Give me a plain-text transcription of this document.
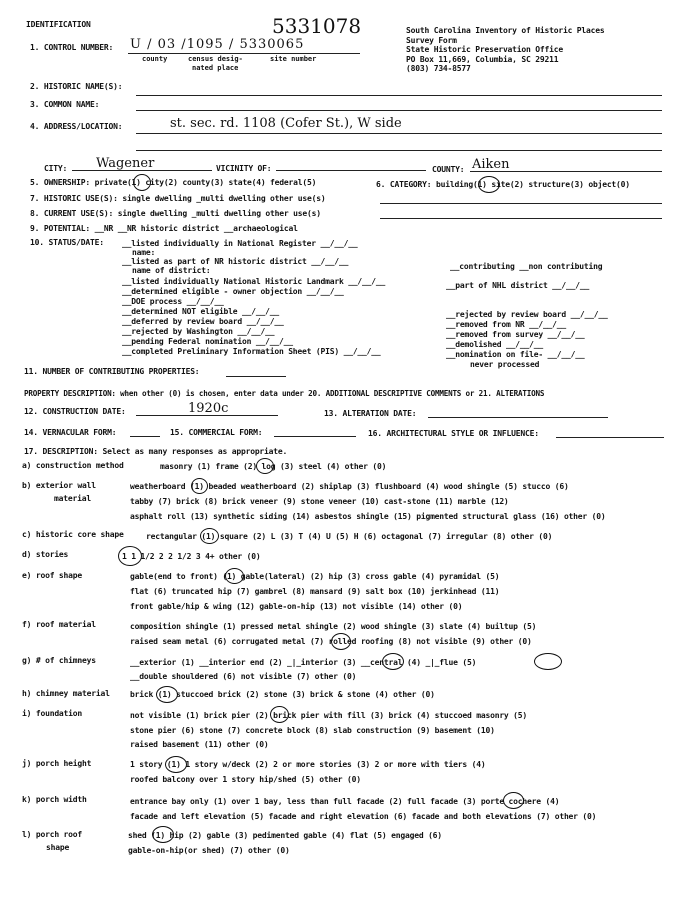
IDENTIFICATION	5331078	South Carolina Inventory of Historic Places
Survey Form
State Historic Preservation Office
PO Box 11,669, Columbia, SC 29211
(803) 734-8577
1. CONTROL NUMBER: U / 03 /1095 / 5330065
county	census desig-
nated place
site number
2. HISTORIC NAME(S):
3. COMMON NAME:
4. ADDRESS/LOCATION:	st. sec. rd. 1108 (Cofer St.), W side
CITY: Wagener	VICINITY OF:	COUNTY: Aiken
5. OWNERSHIP: private(1) city(2) county(3) state(4) federal(5)	6. CATEGORY: building(1) site(2) structure(3) object(0)
7. HISTORIC USE(S): single dwelling _multi dwelling other use(s)
8. CURRENT USE(S): single dwelling _multi dwelling other use(s)
9. POTENTIAL: __NR __NR historic district __archaeological
10. STATUS/DATE: __listed individually in National Register __/__/__
name:
__listed as part of NR historic district __/__/__
name of district:
__listed individually National Historic Landmark __/__/__
__determined eligible - owner objection __/__/__
__DOE process __/__/__
__determined NOT eligible __/__/__
__deferred by review board __/__/__
__rejected by Washington __/__/__
__pending Federal nomination __/__/__
__completed Preliminary Information Sheet (PIS) __/__/__
__contributing __non contributing
__part of NHL district __/__/__
__rejected by review board __/__/__
__removed from NR __/__/__
__removed from survey __/__/__
__demolished __/__/__
__nomination on file- __/__/__
never processed
11. NUMBER OF CONTRIBUTING PROPERTIES:
PROPERTY DESCRIPTION: when other (0) is chosen, enter data under 20. ADDITIONAL DESCRIPTIVE COMMENTS or 21. ALTERATIONS
12. CONSTRUCTION DATE:	1920c	13. ALTERATION DATE:
14. VERNACULAR FORM:	15. COMMERCIAL FORM:	16. ARCHITECTURAL STYLE OR INFLUENCE:
17. DESCRIPTION: Select as many responses as appropriate.
a) construction method	masonry (1) frame (2) log (3) steel (4) other (0)
b) exterior wall
material
weatherboard (1) beaded weatherboard (2) shiplap (3) flushboard (4) wood shingle (5) stucco (6)
tabby (7) brick (8) brick veneer (9) stone veneer (10) cast-stone (11) marble (12)
asphalt roll (13) synthetic siding (14) asbestos shingle (15) pigmented structural glass (16) other (0)
c) historic core shape	rectangular (1) square (2) L (3) T (4) U (5) H (6) octagonal (7) irregular (8) other (0)
d) stories	1 1 1/2 2 2 1/2 3 4+ other (0)
e) roof shape	gable(end to front) (1) gable(lateral) (2) hip (3) cross gable (4) pyramidal (5)
flat (6) truncated hip (7) gambrel (8) mansard (9) salt box (10) jerkinhead (11)
front gable/hip & wing (12) gable-on-hip (13) not visible (14) other (0)
f) roof material	composition shingle (1) pressed metal shingle (2) wood shingle (3) slate (4) builtup (5)
raised seam metal (6) corrugated metal (7) rolled roofing (8) not visible (9) other (0)
g) # of chimneys	__exterior (1) __interior end (2) _|_interior (3) __central (4) _|_flue (5)
__double shouldered (6) not visible (7) other (0)
h) chimney material	brick (1) stuccoed brick (2) stone (3) brick & stone (4) other (0)
i) foundation	not visible (1) brick pier (2) brick pier with fill (3) brick (4) stuccoed masonry (5)
stone pier (6) stone (7) concrete block (8) slab construction (9) basement (10)
raised basement (11) other (0)
j) porch height	1 story (1) 1 story w/deck (2) 2 or more stories (3) 2 or more with tiers (4)
roofed balcony over 1 story hip/shed (5) other (0)
k) porch width	entrance bay only (1) over 1 bay, less than full facade (2) full facade (3) porte cochere (4)
facade and left elevation (5) facade and right elevation (6) facade and both elevations (7) other (0)
l) porch roof
shape
shed (1) hip (2) gable (3) pedimented gable (4) flat (5) engaged (6)
gable-on-hip(or shed) (7) other (0)
